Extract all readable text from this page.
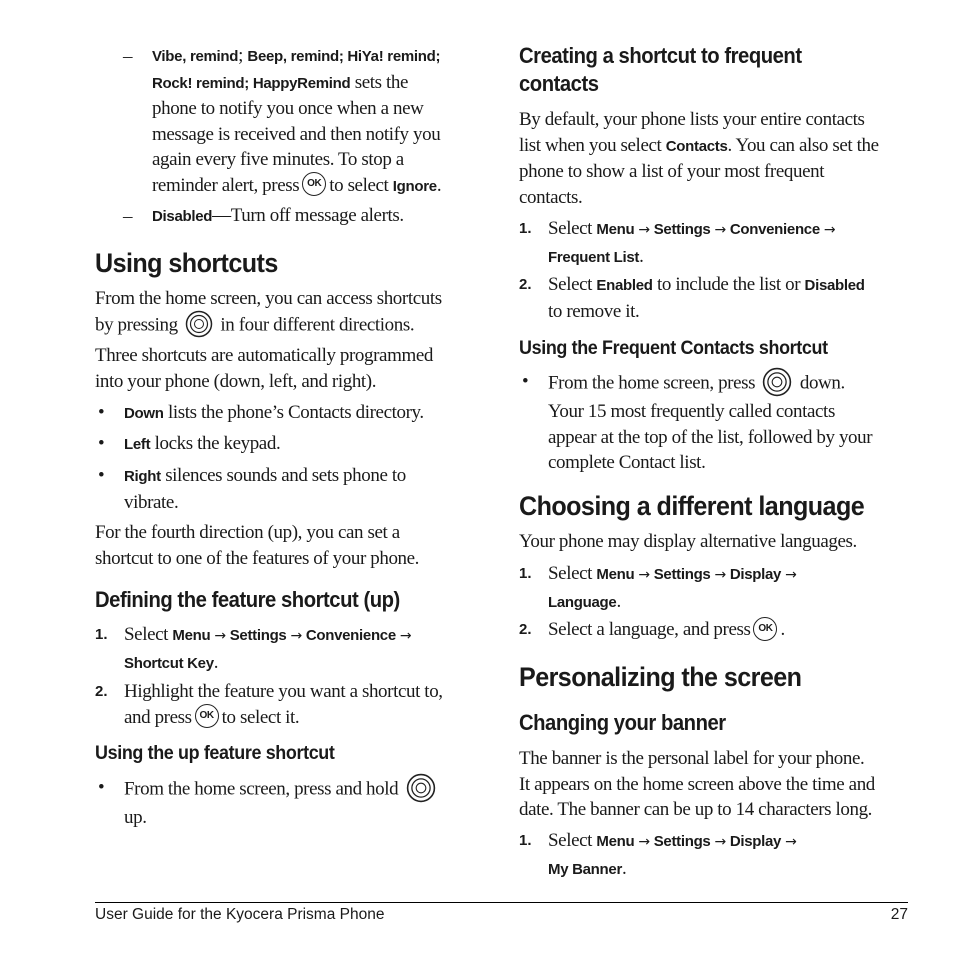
– Vibe, remind; Beep, remind; HiYa! remind;
Rock! remind; HappyRemind sets the
phone to notify you once when a new
message is received and then notify you
again every five minutes. To stop a
reminder alert, press OK to select Ignore.
– Disabled—Turn off message alerts.
Using shortcuts
From the home screen, you can access shortcuts
by pressing in four different directions.
Three shortcuts are automatically programmed
into your phone (down, left, and right).
• Down lists the phone’s Contacts directory.
• Left locks the keypad.
• Right silences sounds and sets phone to
vibrate.
For the fourth direction (up), you can set a
shortcut to one of the features of your phone.
Defining the feature shortcut (up)
1. Select Menu → Settings → Convenience →
Shortcut Key.
2. Highlight the feature you want a shortcut to,
and press OK to select it.
Using the up feature shortcut
• From the home screen, press and hold
up.
Creating a shortcut to frequent
contacts
By default, your phone lists your entire contacts
list when you select Contacts. You can also set the
phone to show a list of your most frequent
contacts.
1. Select Menu → Settings → Convenience →
Frequent List.
2. Select Enabled to include the list or Disabled
to remove it.
Using the Frequent Contacts shortcut
• From the home screen, press down.
Your 15 most frequently called contacts
appear at the top of the list, followed by your
complete Contact list.
Choosing a different language
Your phone may display alternative languages.
1. Select Menu → Settings → Display →
Language.
2. Select a language, and press OK .
Personalizing the screen
Changing your banner
The banner is the personal label for your phone.
It appears on the home screen above the time and
date. The banner can be up to 14 characters long.
1. Select Menu → Settings → Display →
My Banner.
User Guide for the Kyocera Prisma Phone	27
